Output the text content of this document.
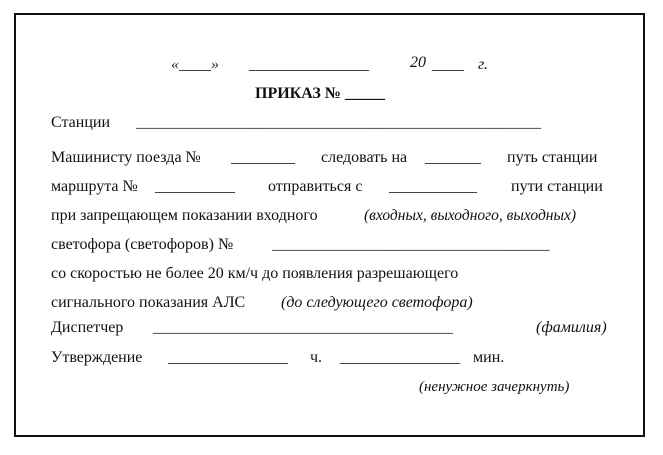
«____» _______________	20 ____ г.
ПРИКАЗ № _____
Станции ______________________________________________________
Машинисту поезда № ________ следовать на _______ путь станции
маршрута № __________ отправиться с ___________ пути станции
при запрещающем показании входного	(входных, выходного, выходных)
светофора (светофоров) №	_____________________________________
со скоростью не более 20 км/ч до появления разрешающего
сигнального показания АЛС (до следующего светофора)
Диспетчер ________________________________________	(фамилия)
Утверждение _______________ ч. _______________ мин.
(ненужное зачеркнуть)
